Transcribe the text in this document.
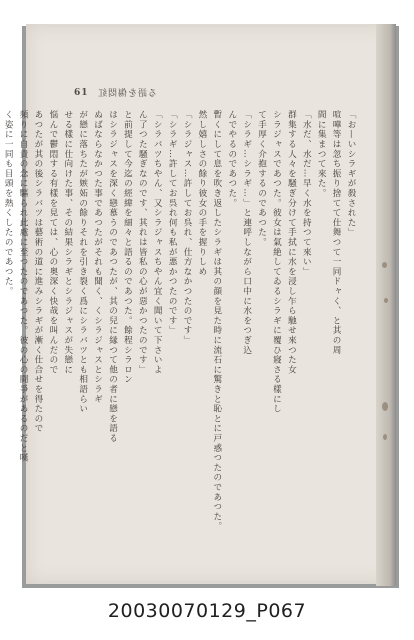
61 る語を傷悶紅

「お—いシラギが殺された」

喧嘩等は忽ち振り捨てて仕舞つて一同ドャく、と其の周

間に集まつて來た。

「水だ、水だ…早く水を持つて來い」

群集する人々を騒ぎ分けて手拭に水を浸し乍ら馳せ來つた女

シラジャスであつた。彼女は氣絶してゐるシラギに覆ひ寢さる樣にし

て手厚く介抱するのであつた。

「シラギ…シラギ…」と連呼しながら口中に水をつぎ込

んでやるのであつた。

暫くにして息を吹き返したシラギは其の顔を見た時に流石に驚きと恥とに戸惑つたのであつた。然し嬉しさの餘り彼女の手を握りしめ

「シラジャス…許してお呉れ、仕方なかつたのです」

「シラギ…許してお呉れ何も私が悪かつたのです」

「シラバツちやん、又シラジャスちやん宜く聞いて下さいよ

ん了つた騒ぎなのです、其れは皆私の心が惡かつたのです」

と前提して今迄の經緯を細々と語るのであつた。餘程シラロン

はシラジャスを深く戀慕うのであつたが、其の兒に縁つて他の者に戀を語る

ぬばならなかつた事であつたがそれも聞く、くシラジャスとシラギ

が戀に落ちたが嫉妬の餘りそれを引き裂く爲にシラバツとも相語らい

せる樣に仕向けた事、その結果シラギとシラジャスが失戀に

悩んで鬱悶する有樣を見ては、心の奥深く快哉を叫んだので

あつたが其の後シラバツは藝術の道に進みシラギが漸く仕合せを得たので

頻りに自責の念に驅られ此處に至つたのであつた。彼の心の闘爭があるのだと嘆

く姿に一同も目頭を熱くしたのであつた。

20030070129_P067
